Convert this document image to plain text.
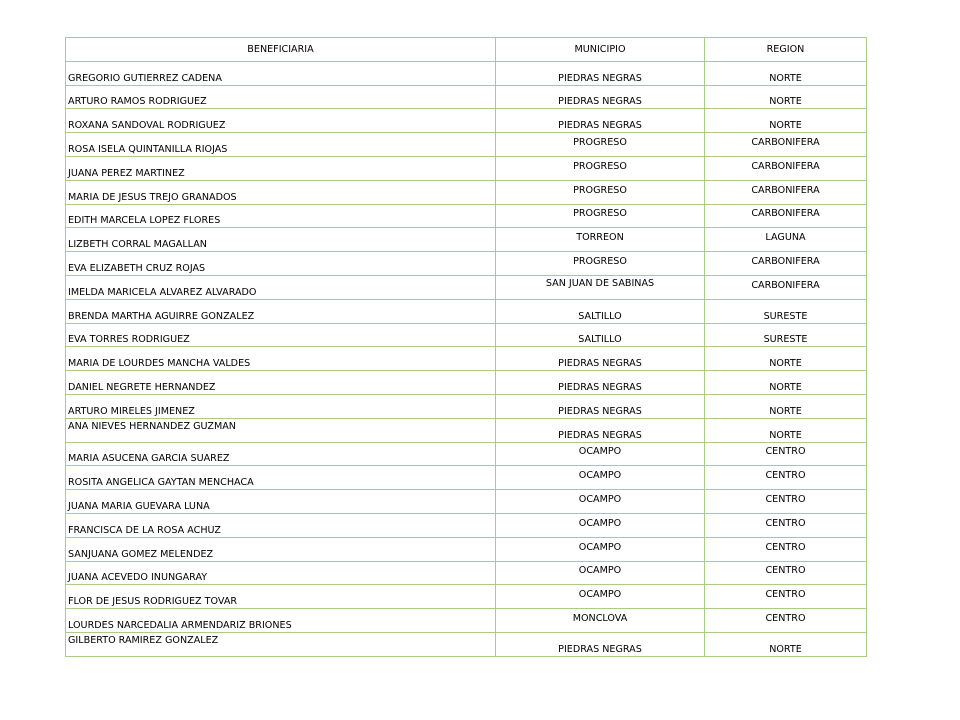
BENEFICIARIA	MUNICIPIO	REGION
GREGORIO GUTIERREZ CADENA	PIEDRAS NEGRAS	NORTE
ARTURO RAMOS RODRIGUEZ	PIEDRAS NEGRAS	NORTE
ROXANA SANDOVAL RODRIGUEZ	PIEDRAS NEGRAS	NORTE
ROSA ISELA QUINTANILLA RIOJAS	PROGRESO	CARBONIFERA
JUANA PEREZ MARTINEZ	PROGRESO	CARBONIFERA
MARIA DE JESUS TREJO GRANADOS	PROGRESO	CARBONIFERA
EDITH MARCELA LOPEZ FLORES	PROGRESO	CARBONIFERA
LIZBETH CORRAL MAGALLAN	TORREON	LAGUNA
EVA ELIZABETH CRUZ ROJAS	PROGRESO	CARBONIFERA
IMELDA MARICELA ALVAREZ ALVARADO	SAN JUAN DE SABINAS	CARBONIFERA
BRENDA MARTHA AGUIRRE GONZALEZ	SALTILLO	SURESTE
EVA TORRES RODRIGUEZ	SALTILLO	SURESTE
MARIA DE LOURDES MANCHA VALDES	PIEDRAS NEGRAS	NORTE
DANIEL NEGRETE HERNANDEZ	PIEDRAS NEGRAS	NORTE
ARTURO MIRELES JIMENEZ	PIEDRAS NEGRAS	NORTE
ANA NIEVES HERNANDEZ GUZMAN	PIEDRAS NEGRAS	NORTE
MARIA ASUCENA GARCIA SUAREZ	OCAMPO	CENTRO
ROSITA ANGELICA GAYTAN MENCHACA	OCAMPO	CENTRO
JUANA MARIA GUEVARA LUNA	OCAMPO	CENTRO
FRANCISCA DE LA ROSA ACHUZ	OCAMPO	CENTRO
SANJUANA GOMEZ MELENDEZ	OCAMPO	CENTRO
JUANA ACEVEDO INUNGARAY	OCAMPO	CENTRO
FLOR DE JESUS RODRIGUEZ TOVAR	OCAMPO	CENTRO
LOURDES NARCEDALIA ARMENDARIZ BRIONES	MONCLOVA	CENTRO
GILBERTO RAMIREZ GONZALEZ	PIEDRAS NEGRAS	NORTE
